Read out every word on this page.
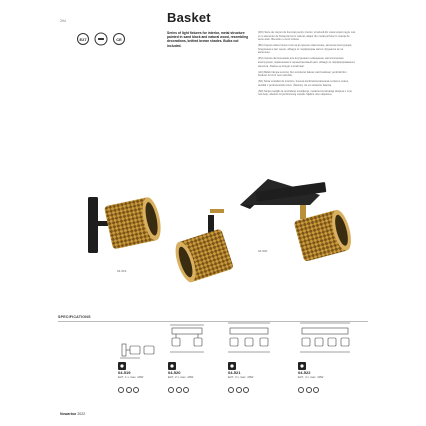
294	Basket
E27	CE
Series of light fixtures for interior, metal structure painted in sand black and natural wood, resembling decorations, knitted brown shades. Bulbs not included.

(RO) Serie de corpuri de iluminat pentru interior, structură din metal vopsit negru mat și cu elemente de finisaj din lemn natural, abajur din metal perforat în nuanțe de auriu antic. Becurile nu sunt incluse.

(BG) Серия осветителни тела за вътрешно осветление, метална конструкция, боядисана в мат черно, абажур от перфориран метал. Крушките не са включени.

(RU) Серия светильников для внутреннего освещения, металлическая конструкция, окрашенная в черный матовый цвет, абажур из перфорированного металла. Лампы не входят в комплект.

(HU) Beltéri lámpa sorozat, fém szerkezet fekete matt festéssel, perforált fém búrával. Az izzó nem tartozék.

(SK) Séria svietidiel do interiéru, kovová konštrukcia lakovaná na čierno matne, tienidlá z perforovaného kovu. Žiarovky nie sú súčasťou balenia.

(SR) Serija svetiljki za unutrašnje osvetljenje, metalna konstrukcija obojena u crnu mat boju, abažuri od perforiranog metala. Sijalice nisu uključene.

04-519
04-520
SPECIFICATIONS
04-519
E27, 1 x max. 40W
04-520
E27, 2 x max. 40W
04-521
E27, 3 x max. 40W
04-522
E27, 4 x max. 40W
Nowarbor 2022
